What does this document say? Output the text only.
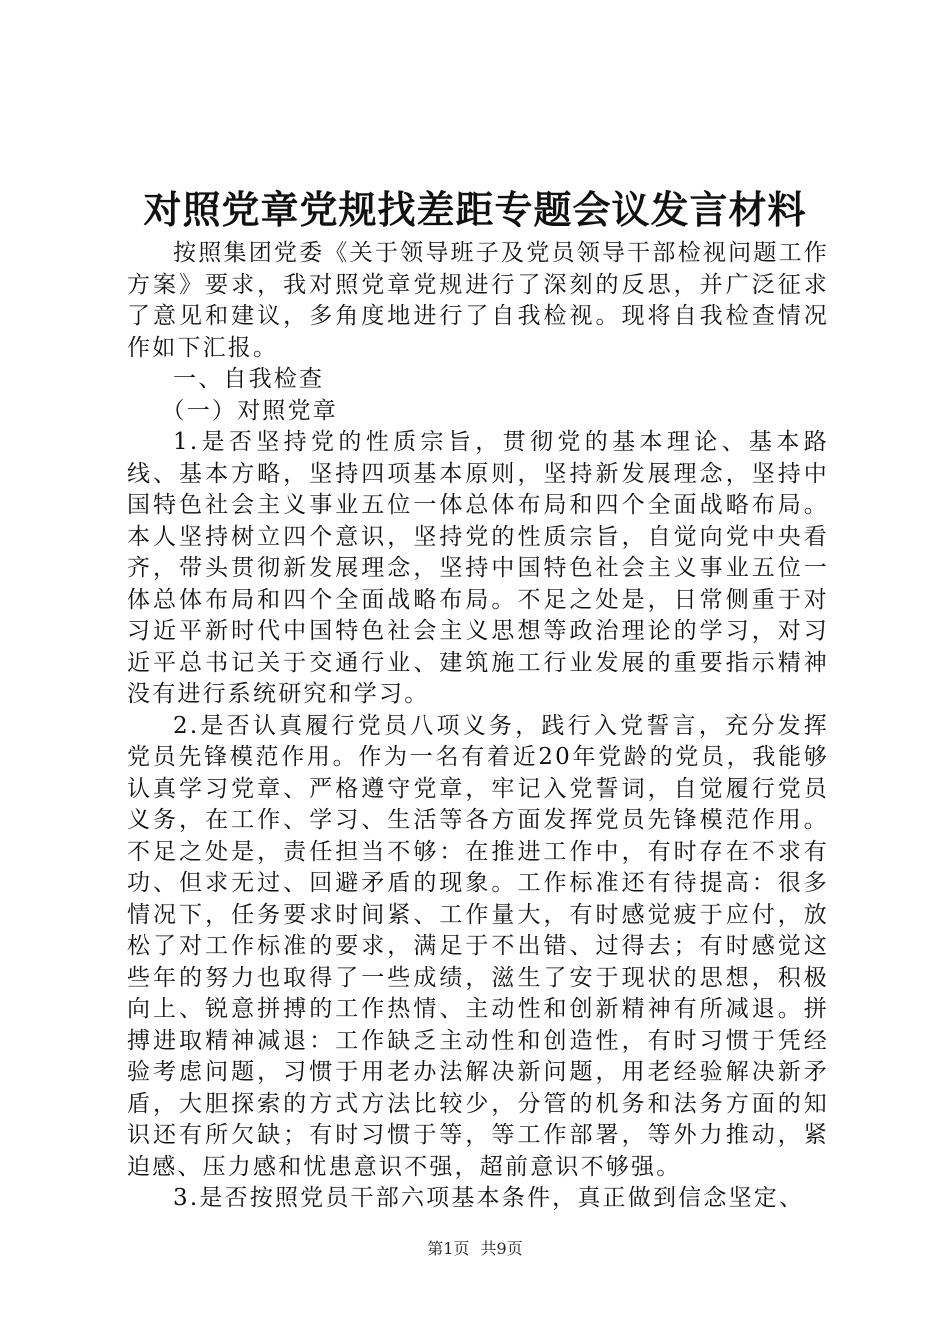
对照党章党规找差距专题会议发言材料

按照集团党委《关于领导班子及党员领导干部检视问题工作方案》要求，我对照党章党规进行了深刻的反思，并广泛征求了意见和建议，多角度地进行了自我检视。现将自我检查情况作如下汇报。

一、自我检查

（一）对照党章

1.是否坚持党的性质宗旨，贯彻党的基本理论、基本路线、基本方略，坚持四项基本原则，坚持新发展理念，坚持中国特色社会主义事业五位一体总体布局和四个全面战略布局。本人坚持树立四个意识，坚持党的性质宗旨，自觉向党中央看齐，带头贯彻新发展理念，坚持中国特色社会主义事业五位一体总体布局和四个全面战略布局。不足之处是，日常侧重于对习近平新时代中国特色社会主义思想等政治理论的学习，对习近平总书记关于交通行业、建筑施工行业发展的重要指示精神没有进行系统研究和学习。

2.是否认真履行党员八项义务，践行入党誓言，充分发挥党员先锋模范作用。作为一名有着近20年党龄的党员，我能够认真学习党章、严格遵守党章，牢记入党誓词，自觉履行党员义务，在工作、学习、生活等各方面发挥党员先锋模范作用。不足之处是，责任担当不够：在推进工作中，有时存在不求有功、但求无过、回避矛盾的现象。工作标准还有待提高：很多情况下，任务要求时间紧、工作量大，有时感觉疲于应付，放松了对工作标准的要求，满足于不出错、过得去；有时感觉这些年的努力也取得了一些成绩，滋生了安于现状的思想，积极向上、锐意拼搏的工作热情、主动性和创新精神有所减退。拼搏进取精神减退：工作缺乏主动性和创造性，有时习惯于凭经验考虑问题，习惯于用老办法解决新问题，用老经验解决新矛盾，大胆探索的方式方法比较少，分管的机务和法务方面的知识还有所欠缺；有时习惯于等，等工作部署，等外力推动，紧迫感、压力感和忧患意识不强，超前意识不够强。

3.是否按照党员干部六项基本条件，真正做到信念坚定、

第1页 共9页
